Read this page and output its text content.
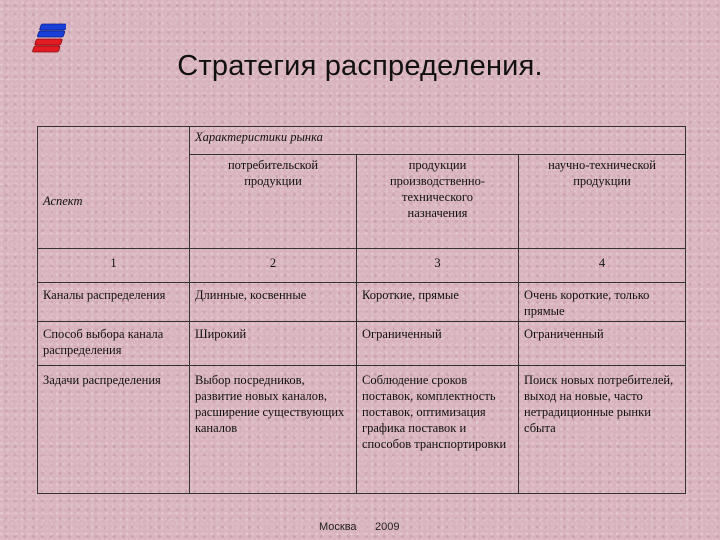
Стратегия распределения.
Аспект	Характеристики рынка		
	потребительской продукции	продукции производственно-технического назначения	научно-технической продукции
1	2	3	4
Каналы распределения	Длинные, косвенные	Короткие, прямые	Очень короткие, только прямые
Способ выбора канала распределения	Широкий	Ограниченный	Ограниченный
Задачи распределения	Выбор посредников, развитие новых каналов, расширение существующих каналов	Соблюдение сроков поставок, комплектность поставок, оптимизация графика поставок и способов транспортировки	Поиск новых потребителей, выход на новые, часто нетрадиционные рынки сбыта
Москва 2009
